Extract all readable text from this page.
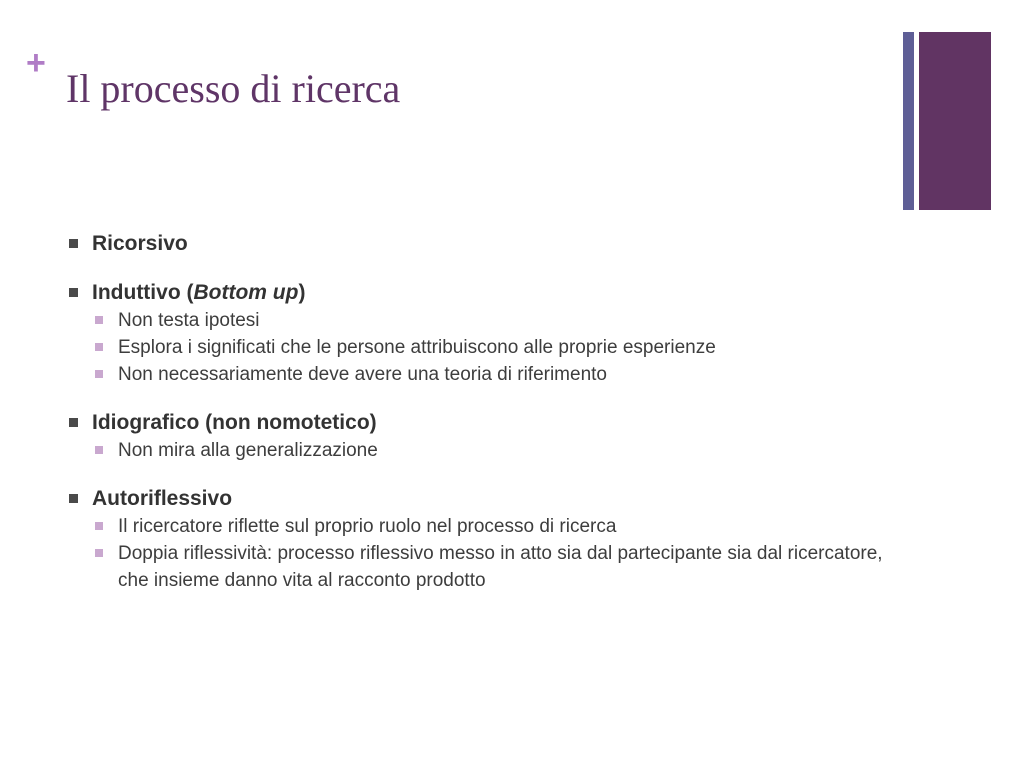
+
Il processo di ricerca
Ricorsivo
Induttivo (Bottom up)
Non testa ipotesi
Esplora i significati che le persone attribuiscono alle proprie esperienze
Non necessariamente deve avere una teoria di riferimento
Idiografico (non nomotetico)
Non mira alla generalizzazione
Autoriflessivo
Il ricercatore riflette sul proprio ruolo nel processo di ricerca
Doppia riflessività: processo riflessivo messo in atto sia dal partecipante sia dal ricercatore, che insieme danno vita al racconto prodotto
